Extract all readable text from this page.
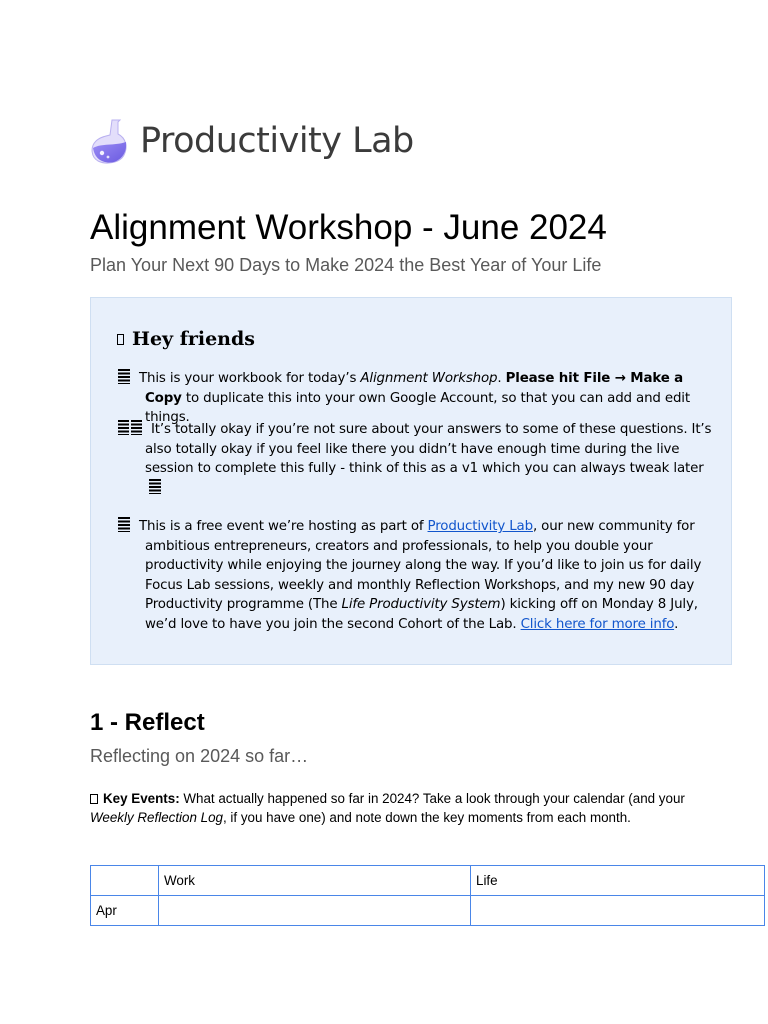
Productivity Lab
Alignment Workshop - June 2024
Plan Your Next 90 Days to Make 2024 the Best Year of Your Life
Hey friends
This is your workbook for today’s Alignment Workshop. Please hit File → Make a Copy to duplicate this into your own Google Account, so that you can add and edit things.
It’s totally okay if you’re not sure about your answers to some of these questions. It’s also totally okay if you feel like there you didn’t have enough time during the live session to complete this fully - think of this as a v1 which you can always tweak later
This is a free event we’re hosting as part of Productivity Lab, our new community for ambitious entrepreneurs, creators and professionals, to help you double your productivity while enjoying the journey along the way. If you’d like to join us for daily Focus Lab sessions, weekly and monthly Reflection Workshops, and my new 90 day Productivity programme (The Life Productivity System) kicking off on Monday 8 July, we’d love to have you join the second Cohort of the Lab. Click here for more info.
1 - Reflect
Reflecting on 2024 so far…
Key Events: What actually happened so far in 2024? Take a look through your calendar (and your Weekly Reflection Log, if you have one) and note down the key moments from each month.
	Work	Life
Apr		
